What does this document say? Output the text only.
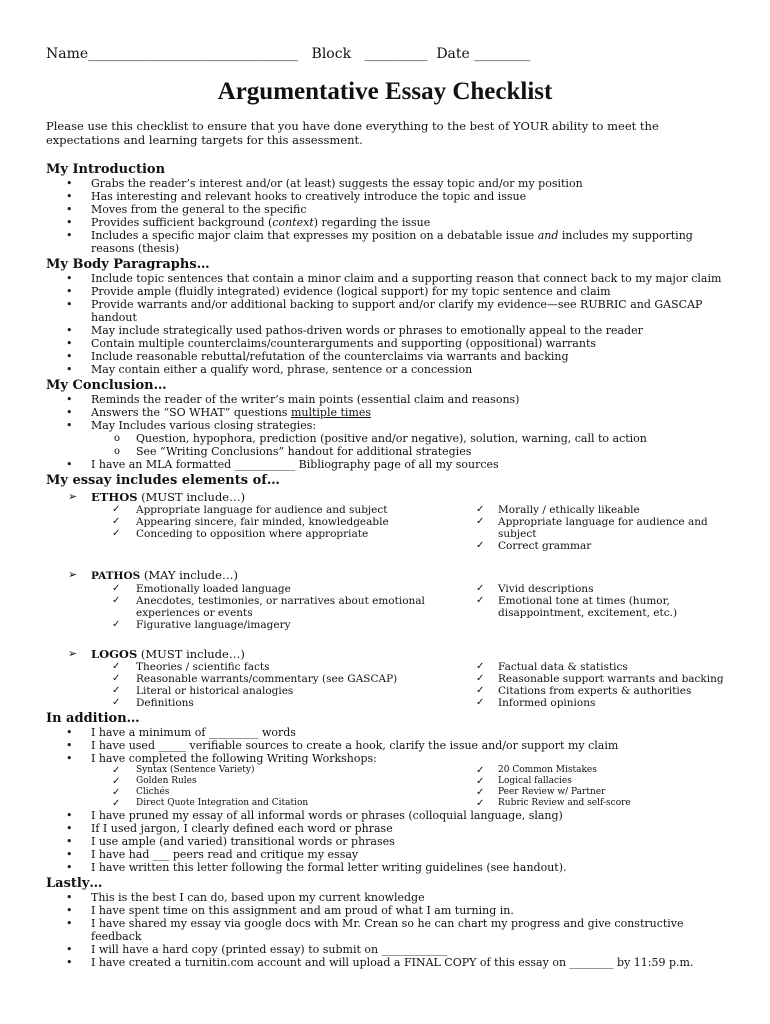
Name______________________________ Block _________ Date ________
Argumentative Essay Checklist
Please use this checklist to ensure that you have done everything to the best of YOUR ability to meet the expectations and learning targets for this assessment.
My Introduction
• Grabs the reader’s interest and/or (at least) suggests the essay topic and/or my position
• Has interesting and relevant hooks to creatively introduce the topic and issue
• Moves from the general to the specific
• Provides sufficient background (context) regarding the issue
• Includes a specific major claim that expresses my position on a debatable issue and includes my supporting reasons (thesis)
My Body Paragraphs…
• Include topic sentences that contain a minor claim and a supporting reason that connect back to my major claim
• Provide ample (fluidly integrated) evidence (logical support) for my topic sentence and claim
• Provide warrants and/or additional backing to support and/or clarify my evidence—see RUBRIC and GASCAP handout
• May include strategically used pathos-driven words or phrases to emotionally appeal to the reader
• Contain multiple counterclaims/counterarguments and supporting (oppositional) warrants
• Include reasonable rebuttal/refutation of the counterclaims via warrants and backing
• May contain either a qualify word, phrase, sentence or a concession
My Conclusion…
• Reminds the reader of the writer’s main points (essential claim and reasons)
• Answers the “SO WHAT” questions multiple times
• May Includes various closing strategies:
o Question, hypophora, prediction (positive and/or negative), solution, warning, call to action
o See “Writing Conclusions” handout for additional strategies
• I have an MLA formatted ___________ Bibliography page of all my sources
My essay includes elements of…
➢ ETHOS (MUST include…)
✓ Appropriate language for audience and subject
✓ Appearing sincere, fair minded, knowledgeable
✓ Conceding to opposition where appropriate
✓ Morally / ethically likeable
✓ Appropriate language for audience and subject
✓ Correct grammar
➢ PATHOS (MAY include…)
✓ Emotionally loaded language
✓ Anecdotes, testimonies, or narratives about emotional experiences or events
✓ Figurative language/imagery
✓ Vivid descriptions
✓ Emotional tone at times (humor, disappointment, excitement, etc.)
➢ LOGOS (MUST include…)
✓ Theories / scientific facts
✓ Reasonable warrants/commentary (see GASCAP)
✓ Literal or historical analogies
✓ Definitions
✓ Factual data & statistics
✓ Reasonable support warrants and backing
✓ Citations from experts & authorities
✓ Informed opinions
In addition…
• I have a minimum of _________ words
• I have used _____ verifiable sources to create a hook, clarify the issue and/or support my claim
• I have completed the following Writing Workshops:
✓ Syntax (Sentence Variety)
✓ Golden Rules
✓ Clichés
✓ Direct Quote Integration and Citation
✓ 20 Common Mistakes
✓ Logical fallacies
✓ Peer Review w/ Partner
✓ Rubric Review and self-score
• I have pruned my essay of all informal words or phrases (colloquial language, slang)
• If I used jargon, I clearly defined each word or phrase
• I use ample (and varied) transitional words or phrases
• I have had ___ peers read and critique my essay
• I have written this letter following the formal letter writing guidelines (see handout).
Lastly…
• This is the best I can do, based upon my current knowledge
• I have spent time on this assignment and am proud of what I am turning in.
• I have shared my essay via google docs with Mr. Crean so he can chart my progress and give constructive feedback
• I will have a hard copy (printed essay) to submit on ____________
• I have created a turnitin.com account and will upload a FINAL COPY of this essay on ________ by 11:59 p.m.
